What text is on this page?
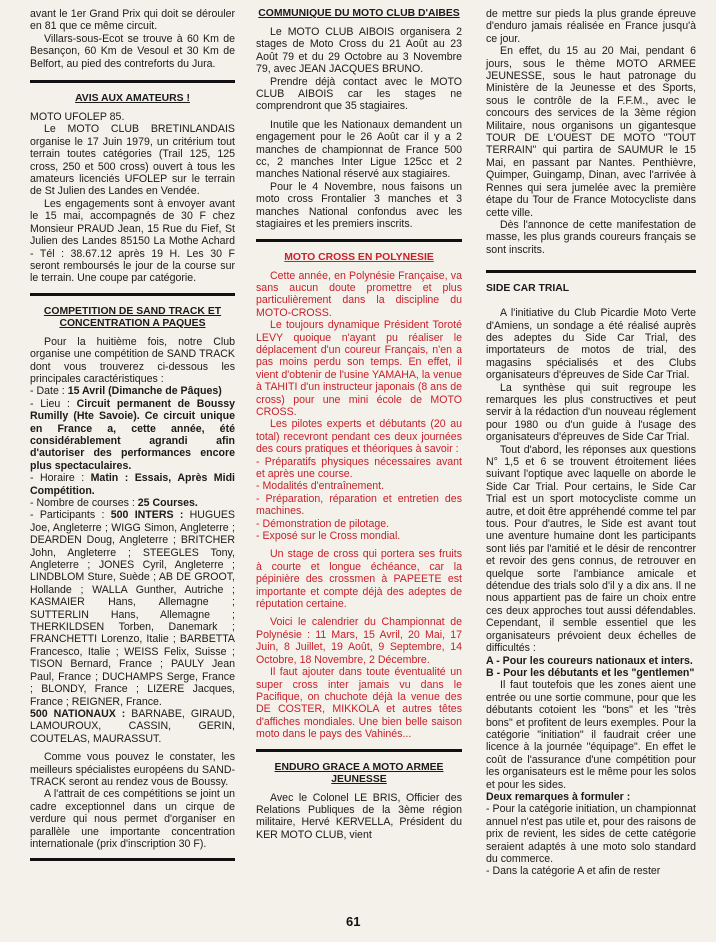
avant le 1er Grand Prix qui doit se dérouler en 81 que ce même circuit.

Villars-sous-Ecot se trouve à 60 Km de Besançon, 60 Km de Vesoul et 30 Km de Belfort, au pied des contreforts du Jura.

AVIS AUX AMATEURS !

MOTO UFOLEP 85.

Le MOTO CLUB BRETINLANDAIS organise le 17 Juin 1979, un critérium tout terrain toutes catégories (Trail 125, 125 cross, 250 et 500 cross) ouvert à tous les amateurs licenciés UFOLEP sur le terrain de St Julien des Landes en Vendée.

Les engagements sont à envoyer avant le 15 mai, accompagnés de 30 F chez Monsieur PRAUD Jean, 15 Rue du Fief, St Julien des Landes 85150 La Mothe Achard - Tél : 38.67.12 après 19 H. Les 30 F seront remboursés le jour de la course sur le terrain. Une coupe par catégorie.

COMPETITION DE SAND TRACK ET CONCENTRATION A PAQUES

Pour la huitième fois, notre Club organise une compétition de SAND TRACK dont vous trouverez ci-dessous les principales caractéristiques :

- Date : 15 Avril (Dimanche de Pâques)

- Lieu : Circuit permanent de Boussy Rumilly (Hte Savoie). Ce circuit unique en France a, cette année, été considérablement agrandi afin d'autoriser des performances encore plus spectaculaires.

- Horaire : Matin : Essais, Après Midi Compétition.

- Nombre de courses : 25 Courses.

- Participants : 500 INTERS : HUGUES Joe, Angleterre ; WIGG Simon, Angleterre ; DEARDEN Doug, Angleterre ; BRITCHER John, Angleterre ; STEEGLES Tony, Angleterre ; JONES Cyril, Angleterre ; LINDBLOM Sture, Suède ; AB DE GROOT, Hollande ; WALLA Gunther, Autriche ; KASMAIER Hans, Allemagne ; SUTTERLIN Hans, Allemagne ; THERKILDSEN Torben, Danemark ; FRANCHETTI Lorenzo, Italie ; BARBETTA Francesco, Italie ; WEISS Felix, Suisse ; TISON Bernard, France ; PAULY Jean Paul, France ; DUCHAMPS Serge, France ; BLONDY, France ; LIZERE Jacques, France ; REIGNER, France.

500 NATIONAUX : BARNABE, GIRAUD, LAMOUROUX, CASSIN, GERIN, COUTELAS, MAURASSUT.

Comme vous pouvez le constater, les meilleurs spécialistes européens du SAND-TRACK seront au rendez vous de Boussy.

A l'attrait de ces compétitions se joint un cadre exceptionnel dans un cirque de verdure qui nous permet d'organiser en parallèle une importante concentration internationale (prix d'inscription 30 F).

COMMUNIQUE DU MOTO CLUB D'AIBES

Le MOTO CLUB AIBOIS organisera 2 stages de Moto Cross du 21 Août au 23 Août 79 et du 29 Octobre au 3 Novembre 79, avec JEAN JACQUES BRUNO.

Prendre déjà contact avec le MOTO CLUB AIBOIS car les stages ne comprendront que 35 stagiaires.

Inutile que les Nationaux demandent un engagement pour le 26 Août car il y a 2 manches de championnat de France 500 cc, 2 manches Inter Ligue 125cc et 2 manches National réservé aux stagiaires.

Pour le 4 Novembre, nous faisons un moto cross Frontalier 3 manches et 3 manches National confondus avec les stagiaires et les premiers inscrits.

MOTO CROSS EN POLYNESIE

Cette année, en Polynésie Française, va sans aucun doute promettre et plus particulièrement dans la discipline du MOTO-CROSS.

Le toujours dynamique Président Toroté LEVY quoique n'ayant pu réaliser le déplacement d'un coureur Français, n'en a pas moins perdu son temps. En effet, il vient d'obtenir de l'usine YAMAHA, la venue à TAHITI d'un instructeur japonais (8 ans de cross) pour une mini école de MOTO CROSS.

Les pilotes experts et débutants (20 au total) recevront pendant ces deux journées des cours pratiques et théoriques à savoir :

- Préparatifs physiques nécessaires avant et après une course.

- Modalités d'entraînement.

- Préparation, réparation et entretien des machines.

- Démonstration de pilotage.

- Exposé sur le Cross mondial.

Un stage de cross qui portera ses fruits à courte et longue échéance, car la pépinière des crossmen à PAPEETE est importante et compte déjà des adeptes de réputation certaine.

Voici le calendrier du Championnat de Polynésie : 11 Mars, 15 Avril, 20 Mai, 17 Juin, 8 Juillet, 19 Août, 9 Septembre, 14 Octobre, 18 Novembre, 2 Décembre.

Il faut ajouter dans toute éventualité un super cross inter jamais vu dans le Pacifique, on chuchote déjà la venue des DE COSTER, MIKKOLA et autres têtes d'affiches mondiales. Une bien belle saison moto dans le pays des Vahinés...

ENDURO GRACE A MOTO ARMEE JEUNESSE

Avec le Colonel LE BRIS, Officier des Relations Publiques de la 3ème région militaire, Hervé KERVELLA, Président du KER MOTO CLUB, vient

de mettre sur pieds la plus grande épreuve d'enduro jamais réalisée en France jusqu'à ce jour.

En effet, du 15 au 20 Mai, pendant 6 jours, sous le thème MOTO ARMEE JEUNESSE, sous le haut patronage du Ministère de la Jeunesse et des Sports, sous le contrôle de la F.F.M., avec le concours des services de la 3ème région Militaire, nous organisons un gigantesque TOUR DE L'OUEST DE MOTO "TOUT TERRAIN" qui partira de SAUMUR le 15 Mai, en passant par Nantes. Penthièvre, Quimper, Guingamp, Dinan, avec l'arrivée à Rennes qui sera jumelée avec la première étape du Tour de France Motocycliste dans cette ville.

Dès l'annonce de cette manifestation de masse, les plus grands coureurs français se sont inscrits.

SIDE CAR TRIAL

A l'initiative du Club Picardie Moto Verte d'Amiens, un sondage a été réalisé auprès des adeptes du Side Car Trial, des importateurs de motos de trial, des magasins spécialisés et des Clubs organisateurs d'épreuves de Side Car Trial.

La synthèse qui suit regroupe les remarques les plus constructives et peut servir à la rédaction d'un nouveau réglement pour 1980 ou d'un guide à l'usage des organisateurs d'épreuves de Side Car Trial.

Tout d'abord, les réponses aux questions N° 1,5 et 6 se trouvent étroitement liées suivant l'optique avec laquelle on aborde le Side Car Trial. Pour certains, le Side Car Trial est un sport motocycliste comme un autre, et doit être appréhendé comme tel par tous. Pour d'autres, le Side est avant tout une aventure humaine dont les participants sont liés par l'amitié et le désir de rencontrer et revoir des gens connus, de retrouver en quelque sorte l'ambiance amicale et détendue des trials solo d'il y a dix ans. Il ne nous appartient pas de faire un choix entre ces deux approches tout aussi défendables. Cependant, il semble essentiel que les organisateurs prévoient deux échelles de difficultés :

A - Pour les coureurs nationaux et inters.

B - Pour les débutants et les "gentlemen"

Il faut toutefois que les zones aient une entrée ou une sortie commune, pour que les débutants cotoient les "bons" et les "très bons" et profitent de leurs exemples. Pour la catégorie "initiation" il faudrait créer une licence à la journée "équipage". En effet le coût de l'assurance d'une compétition pour les organisateurs est le même pour les solos et pour les sides.

Deux remarques à formuler :

- Pour la catégorie initiation, un championnat annuel n'est pas utile et, pour des raisons de prix de revient, les sides de cette catégorie seraient adaptés à une moto solo standard du commerce.

- Dans la catégorie A et afin de rester

61
